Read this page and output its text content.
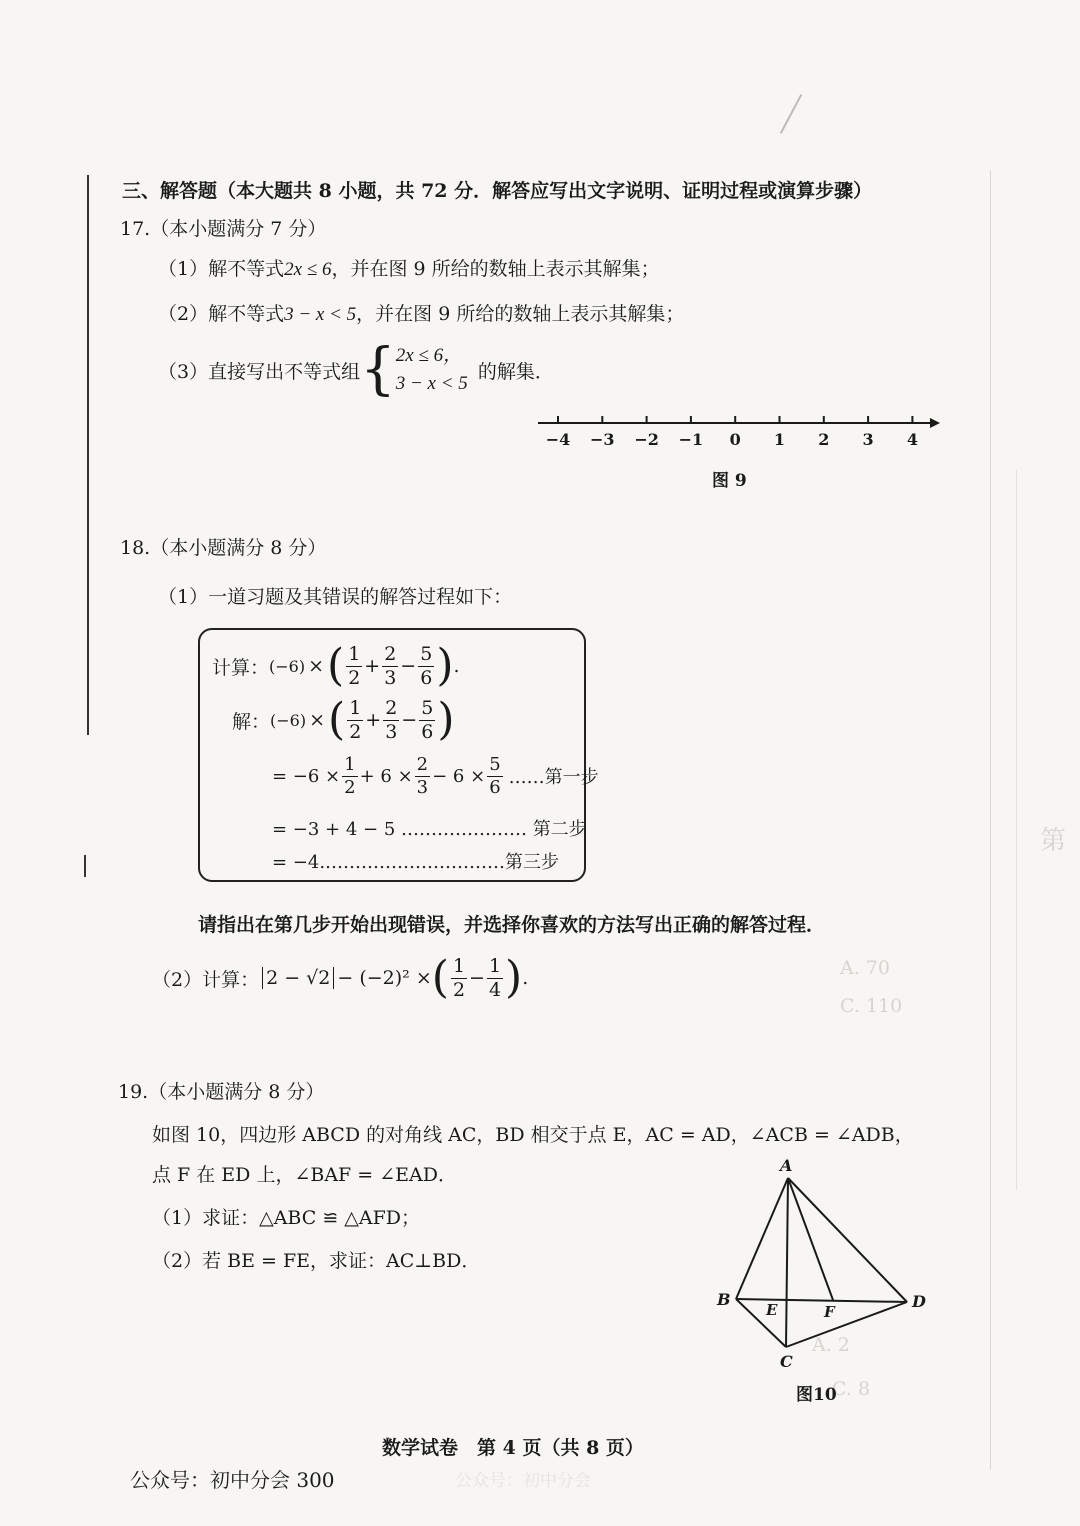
第
A. 70
C. 110
A. 2
C. 8
三、解答题（本大题共 8 小题，共 72 分．解答应写出文字说明、证明过程或演算步骤）
17.（本小题满分 7 分）
（1）解不等式2x ≤ 6，并在图 9 所给的数轴上表示其解集；
（2）解不等式3 − x < 5，并在图 9 所给的数轴上表示其解集；
（3）直接写出不等式组 { 2x ≤ 6，
3 − x < 5
的解集．
−4 −3 −2 −1 0 1 2 3 4
图 9
18.（本小题满分 8 分）
（1）一道习题及其错误的解答过程如下：
计算： (−6) × ( $\frac{1}{2} + \frac{2}{3} - \frac{5}{6}$ ) .
解： (−6) × ( $\frac{1}{2} + \frac{2}{3} - \frac{5}{6}$ )
= $-6 \times \frac{1}{2} + 6 \times \frac{2}{3} - 6 \times \frac{5}{6}$ ……第一步
= −3 + 4 − 5 ………………… 第二步
= −4.…………………………第三步
请指出在第几步开始出现错误，并选择你喜欢的方法写出正确的解答过程．
（2）计算： 2 − √2 − (−2)² × ( $\frac{1}{2} - \frac{1}{4}$ ) .
19.（本小题满分 8 分）
如图 10，四边形 ABCD 的对角线 AC，BD 相交于点 E，AC = AD，∠ACB = ∠ADB，
点 F 在 ED 上，∠BAF = ∠EAD．
（1）求证：△ABC ≌ △AFD；
（2）若 BE = FE，求证：AC⊥BD．
A
B
C
D
E	F
图10
数学试卷　第 4 页（共 8 页）
公众号：初中分会 300	公众号：初中分会
